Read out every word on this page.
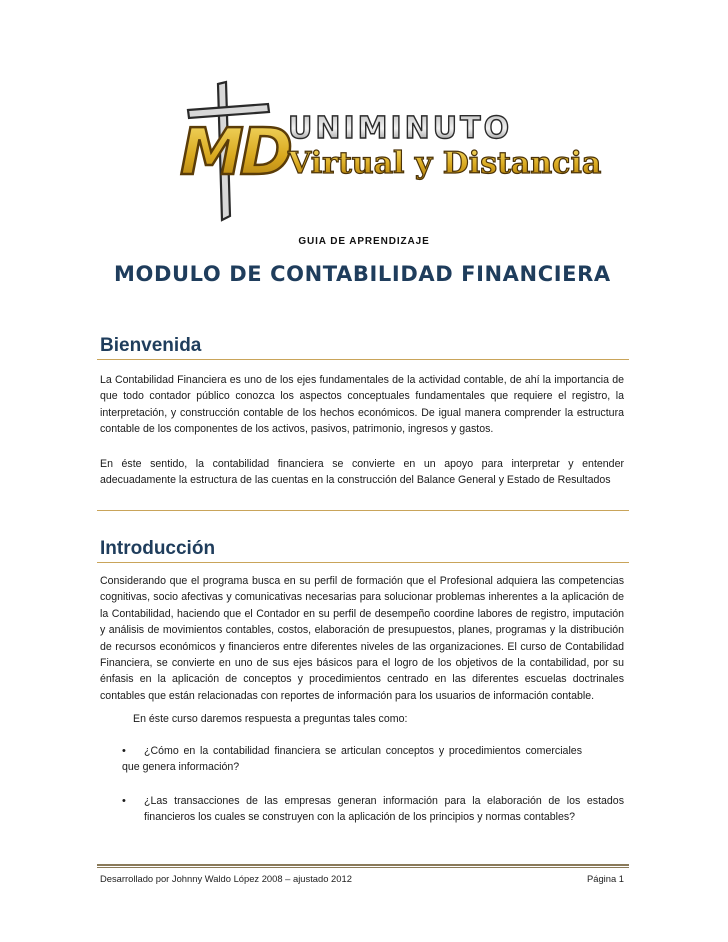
MD UNIMINUTO
Virtual y Distancia
GUIA DE APRENDIZAJE
MODULO DE CONTABILIDAD FINANCIERA
Bienvenida

La Contabilidad Financiera es uno de los ejes fundamentales de la actividad contable, de ahí la importancia de que todo contador público conozca los aspectos conceptuales fundamentales que requiere el registro, la interpretación, y construcción contable de los hechos económicos. De igual manera comprender la estructura contable de los componentes de los activos, pasivos, patrimonio, ingresos y gastos.

En éste sentido, la contabilidad financiera se convierte en un apoyo para interpretar y entender adecuadamente la estructura de las cuentas en la construcción del Balance General y Estado de Resultados

Introducción

Considerando que el programa busca en su perfil de formación que el Profesional adquiera las competencias cognitivas, socio afectivas y comunicativas necesarias para solucionar problemas inherentes a la aplicación de la Contabilidad, haciendo que el Contador en su perfil de desempeño coordine labores de registro, imputación y análisis de movimientos contables, costos, elaboración de presupuestos, planes, programas y la distribución de recursos económicos y financieros entre diferentes niveles de las organizaciones. El curso de Contabilidad Financiera, se convierte en uno de sus ejes básicos para el logro de los objetivos de la contabilidad, por su énfasis en la aplicación de conceptos y procedimientos centrado en las diferentes escuelas doctrinales contables que están relacionadas con reportes de información para los usuarios de información contable.

En éste curso daremos respuesta a preguntas tales como:

•	¿Cómo en la contabilidad financiera se articulan conceptos y procedimientos comerciales que genera información?

• ¿Las transacciones de las empresas generan información para la elaboración de los estados financieros los cuales se construyen con la aplicación de los principios y normas contables?

Desarrollado por Johnny Waldo López 2008 – ajustado 2012	Página 1
